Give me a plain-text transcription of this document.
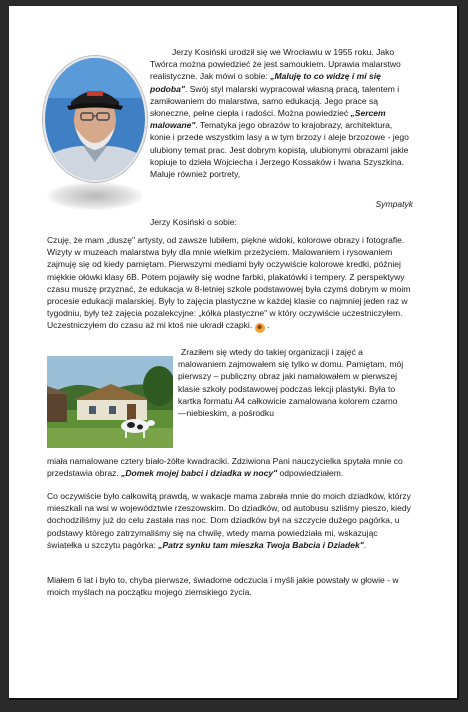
Jerzy Kosiński urodził się we Wrocławiu w 1955 roku. Jako Twórca można powiedzieć że jest samoukiem. Uprawia malarstwo realistyczne. Jak mówi o sobie: „Maluję to co widzę i mi się podoba". Swój styl malarski wypracował własną pracą, talentem i zamiłowaniem do malarstwa, samo edukacją. Jego prace są słoneczne, pełne ciepła i radości. Można powiedzieć „Sercem malowane". Tematyka jego obrazów to krajobrazy, architektura, konie i przede wszystkim lasy a w tym brzozy i aleje brzozowe - jego ulubiony temat prac. Jest dobrym kopistą, ulubionymi obrazami jakie kopiuje to dzieła Wojciecha i Jerzego Kossaków i Iwana Szyszkina. Maluje również portrety,

Sympatyk

Jerzy Kosiński o sobie:

Czuję, że mam „duszę" artysty, od zawsze lubiłem, piękne widoki, kolorowe obrazy i fotografie. Wizyty w muzeach malarstwa były dla mnie wielkim przeżyciem. Malowaniem i rysowaniem zajmuję się od kiedy pamiętam. Pierwszymi mediami były oczywiście kolorowe kredki, później miękkie ołówki klasy 6B. Potem pojawiły się wodne farbki, plakatówki i tempery. Z perspektywy czasu muszę przyznać, że edukacja w 8-letniej szkole podstawowej była czymś dobrym w moim procesie edukacji malarskiej. Były to zajęcia plastyczne w każdej klasie co najmniej jeden raz w tygodniu, były też zajęcia pozalekcyjne: „kółka plastyczne" w który oczywiście uczestniczyłem. Uczestniczyłem do czasu aż mi ktoś nie ukradł czapki. ☻ .

Zraziłem się wtedy do takiej organizacji i zajęć a malowaniem zajmowałem się tylko w domu. Pamiętam, mój pierwszy – publiczny obraz jaki namalowałem w pierwszej klasie szkoły podstawowej podczas lekcji plastyki. Była to kartka formatu A4 całkowicie zamalowana kolorem czarno—niebieskim, a pośrodku

miała namalowane cztery biało-żółte kwadraciki. Zdziwiona Pani nauczycielka spytała mnie co przedstawia obraz. „Domek mojej babci i dziadka w nocy" odpowiedziałem.

Co oczywiście było całkowitą prawdą, w wakacje mama zabrała mnie do moich dziadków, którzy mieszkali na wsi w województwie rzeszowskim. Do dziadków, od autobusu szliśmy pieszo, kiedy dochodziliśmy już do celu zastała nas noc. Dom dziadków był na szczycie dużego pagórka, u podstawy którego zatrzymaliśmy się na chwilę, wtedy mama powiedziała mi, wskazując światełka u szczytu pagórka: „Patrz synku tam mieszka Twoja Babcia i Dziadek".

Miałem 6 lat i było to, chyba pierwsze, świadome odczucia i myśli jakie powstały w głowie - w moich myślach na początku mojego ziemskiego życia.
